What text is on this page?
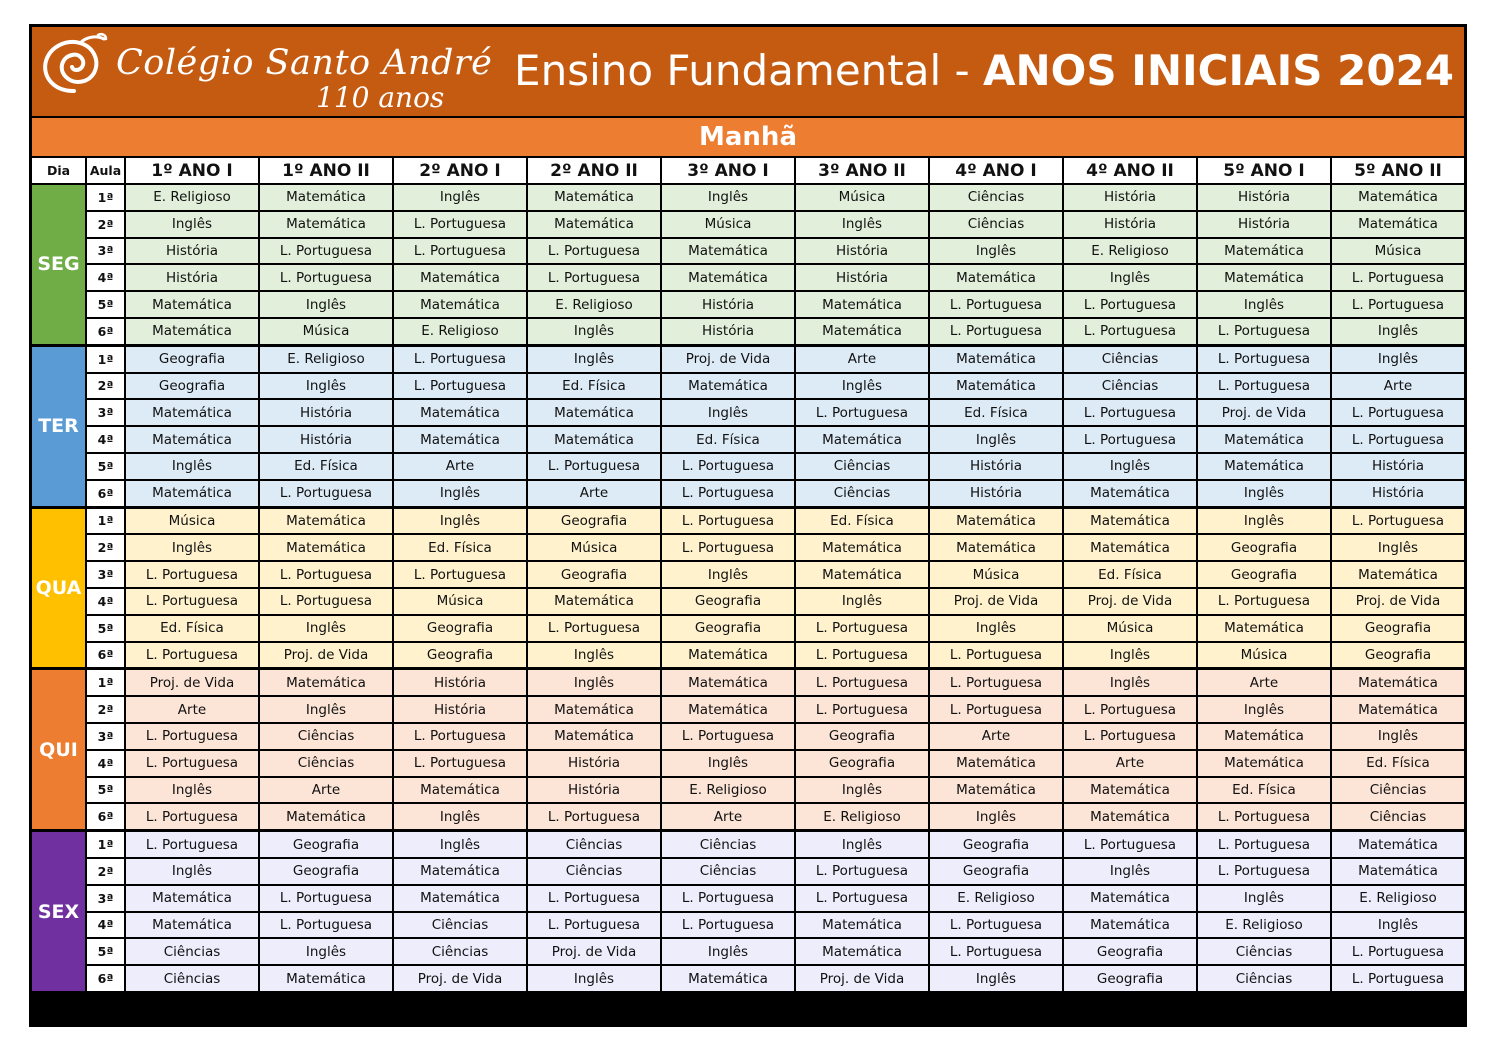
Colégio Santo André
110 anos
Ensino Fundamental - ANOS INICIAIS 2024
Manhã
Dia	Aula	1º ANO I	1º ANO II	2º ANO I	2º ANO II	3º ANO I	3º ANO II	4º ANO I	4º ANO II	5º ANO I	5º ANO II
SEG
1ª	E. Religioso	Matemática	Inglês	Matemática	Inglês	Música	Ciências	História	História	Matemática
2ª	Inglês	Matemática	L. Portuguesa	Matemática	Música	Inglês	Ciências	História	História	Matemática
3ª	História	L. Portuguesa	L. Portuguesa	L. Portuguesa	Matemática	História	Inglês	E. Religioso	Matemática	Música
4ª	História	L. Portuguesa	Matemática	L. Portuguesa	Matemática	História	Matemática	Inglês	Matemática	L. Portuguesa
5ª	Matemática	Inglês	Matemática	E. Religioso	História	Matemática	L. Portuguesa	L. Portuguesa	Inglês	L. Portuguesa
6ª	Matemática	Música	E. Religioso	Inglês	História	Matemática	L. Portuguesa	L. Portuguesa	L. Portuguesa	Inglês
TER
1ª	Geografia	E. Religioso	L. Portuguesa	Inglês	Proj. de Vida	Arte	Matemática	Ciências	L. Portuguesa	Inglês
2ª	Geografia	Inglês	L. Portuguesa	Ed. Física	Matemática	Inglês	Matemática	Ciências	L. Portuguesa	Arte
3ª	Matemática	História	Matemática	Matemática	Inglês	L. Portuguesa	Ed. Física	L. Portuguesa	Proj. de Vida	L. Portuguesa
4ª	Matemática	História	Matemática	Matemática	Ed. Física	Matemática	Inglês	L. Portuguesa	Matemática	L. Portuguesa
5ª	Inglês	Ed. Física	Arte	L. Portuguesa	L. Portuguesa	Ciências	História	Inglês	Matemática	História
6ª	Matemática	L. Portuguesa	Inglês	Arte	L. Portuguesa	Ciências	História	Matemática	Inglês	História
QUA
1ª	Música	Matemática	Inglês	Geografia	L. Portuguesa	Ed. Física	Matemática	Matemática	Inglês	L. Portuguesa
2ª	Inglês	Matemática	Ed. Física	Música	L. Portuguesa	Matemática	Matemática	Matemática	Geografia	Inglês
3ª	L. Portuguesa	L. Portuguesa	L. Portuguesa	Geografia	Inglês	Matemática	Música	Ed. Física	Geografia	Matemática
4ª	L. Portuguesa	L. Portuguesa	Música	Matemática	Geografia	Inglês	Proj. de Vida	Proj. de Vida	L. Portuguesa	Proj. de Vida
5ª	Ed. Física	Inglês	Geografia	L. Portuguesa	Geografia	L. Portuguesa	Inglês	Música	Matemática	Geografia
6ª	L. Portuguesa	Proj. de Vida	Geografia	Inglês	Matemática	L. Portuguesa	L. Portuguesa	Inglês	Música	Geografia
QUI
1ª	Proj. de Vida	Matemática	História	Inglês	Matemática	L. Portuguesa	L. Portuguesa	Inglês	Arte	Matemática
2ª	Arte	Inglês	História	Matemática	Matemática	L. Portuguesa	L. Portuguesa	L. Portuguesa	Inglês	Matemática
3ª	L. Portuguesa	Ciências	L. Portuguesa	Matemática	L. Portuguesa	Geografia	Arte	L. Portuguesa	Matemática	Inglês
4ª	L. Portuguesa	Ciências	L. Portuguesa	História	Inglês	Geografia	Matemática	Arte	Matemática	Ed. Física
5ª	Inglês	Arte	Matemática	História	E. Religioso	Inglês	Matemática	Matemática	Ed. Física	Ciências
6ª	L. Portuguesa	Matemática	Inglês	L. Portuguesa	Arte	E. Religioso	Inglês	Matemática	L. Portuguesa	Ciências
SEX
1ª	L. Portuguesa	Geografia	Inglês	Ciências	Ciências	Inglês	Geografia	L. Portuguesa	L. Portuguesa	Matemática
2ª	Inglês	Geografia	Matemática	Ciências	Ciências	L. Portuguesa	Geografia	Inglês	L. Portuguesa	Matemática
3ª	Matemática	L. Portuguesa	Matemática	L. Portuguesa	L. Portuguesa	L. Portuguesa	E. Religioso	Matemática	Inglês	E. Religioso
4ª	Matemática	L. Portuguesa	Ciências	L. Portuguesa	L. Portuguesa	Matemática	L. Portuguesa	Matemática	E. Religioso	Inglês
5ª	Ciências	Inglês	Ciências	Proj. de Vida	Inglês	Matemática	L. Portuguesa	Geografia	Ciências	L. Portuguesa
6ª	Ciências	Matemática	Proj. de Vida	Inglês	Matemática	Proj. de Vida	Inglês	Geografia	Ciências	L. Portuguesa
